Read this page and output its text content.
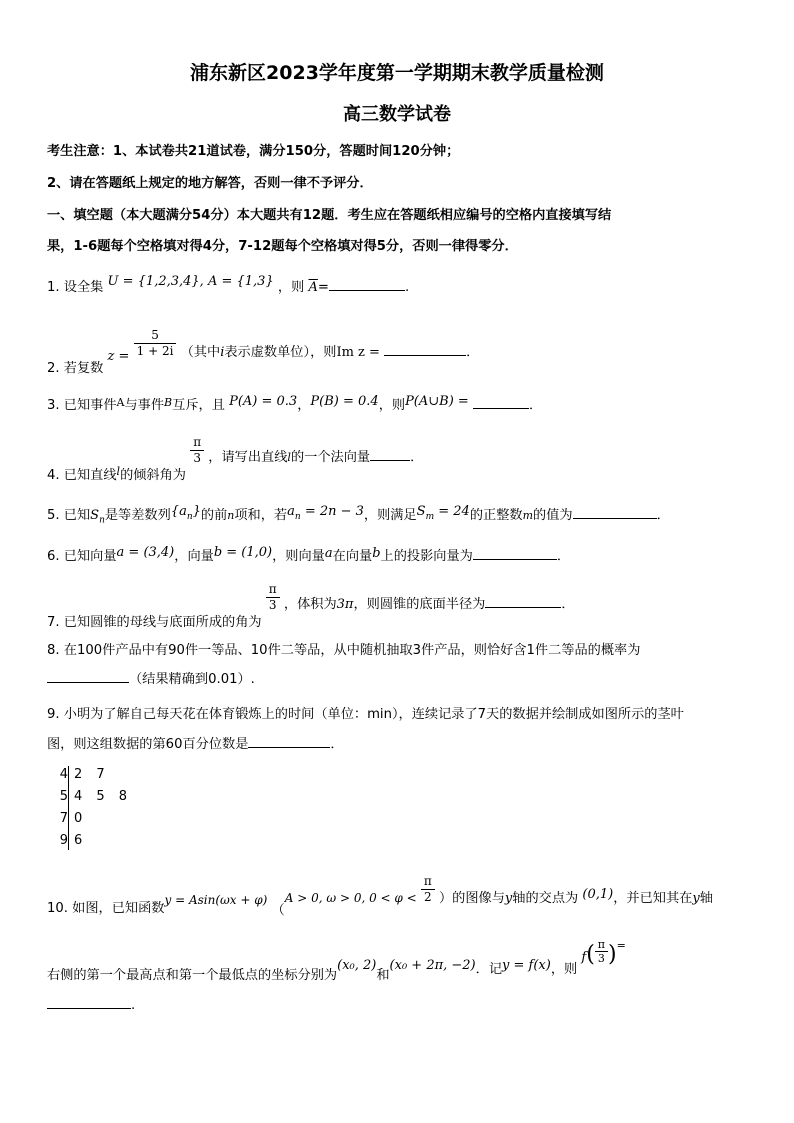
浦东新区2023学年度第一学期期末教学质量检测
高三数学试卷
考生注意：1、本试卷共21道试卷，满分150分，答题时间120分钟；
2、请在答题纸上规定的地方解答，否则一律不予评分．
一、填空题（本大题满分54分）本大题共有12题．考生应在答题纸相应编号的空格内直接填写结
果，1-6题每个空格填对得4分，7-12题每个空格填对得5分，否则一律得零分．
1. 设全集 U = {1,2,3,4}, A = {1,3} ，则 $\overline{A}=$	.
2. 若复数 $z = \frac{5}{1 + 2i}$ （其中i表示虚数单位），则Im z =	．
3. 已知事件$^A$与事件$^B$互斥，且 P(A) = 0.3，P(B) = 0.4，则P(A∪B) =	．
4. 已知直线$_l$的倾斜角为
$\frac{\pi}{3}$ ，请写出直线l的一个法向量	．
5. 已知$S_n$是等差数列$\{a_n\}$的前n项和，若$a_n = 2n - 3$，则满足$S_m = 24$的正整数m的值为	．
6. 已知向量a = (3,4)，向量b = (1,0)，则向量a在向量b上的投影向量为	．
7. 已知圆锥的母线与底面所成的角为
$\frac{\pi}{3}$ ，体积为3π，则圆锥的底面半径为	．
8. 在100件产品中有90件一等品、10件二等品，从中随机抽取3件产品，则恰好含1件二等品的概率为
（结果精确到0.01）.
9. 小明为了解自己每天花在体育锻炼上的时间（单位：min），连续记录了7天的数据并绘制成如图所示的茎叶
图，则这组数据的第60百分位数是	．
4 2 7
5 4 5 8
7 0
9 6
10. 如图，已知函数y = Asin(ωx + φ) （A > 0, ω > 0, $0 < \varphi < \frac{\pi}{2}$ ）的图像与y轴的交点为 (0,1)，并已知其在y轴
右侧的第一个最高点和第一个最低点的坐标分别为(x₀, 2)和(x₀ + 2π, −2)．记y = f(x)，则 $f( \frac{\pi}{3} )^=$
.
